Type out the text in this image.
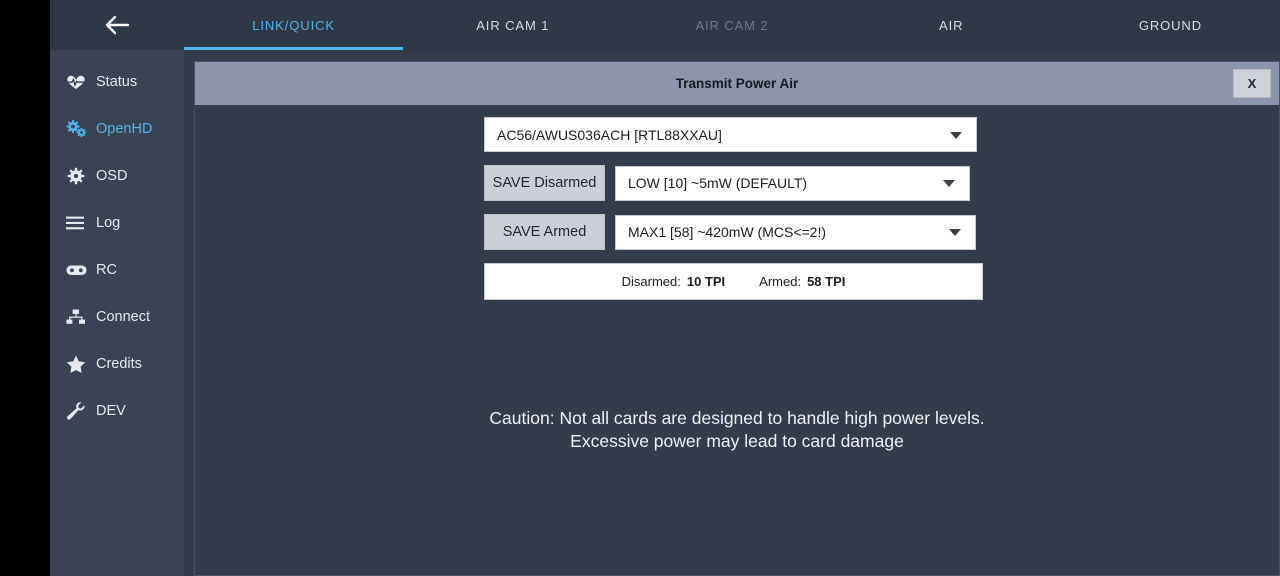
LINK/QUICK	AIR CAM 1	AIR CAM 2	AIR	GROUND
Status
OpenHD
OSD
Log
RC
Connect
Credits
DEV
Transmit Power Air	X
AC56/AWUS036ACH [RTL88XXAU]
SAVE Disarmed LOW [10] ~5mW (DEFAULT)
SAVE Armed	MAX1 [58] ~420mW (MCS<=2!)
Disarmed: 10 TPI	Armed: 58 TPI
Caution: Not all cards are designed to handle high power levels.
Excessive power may lead to card damage
